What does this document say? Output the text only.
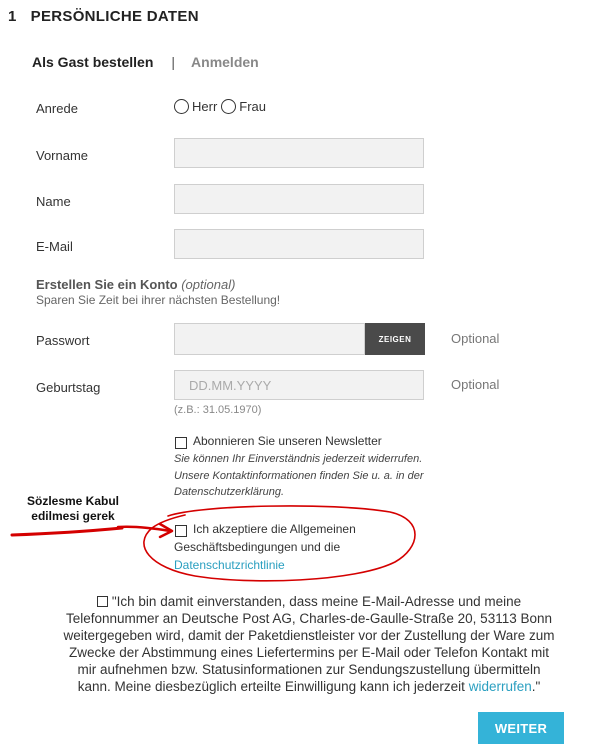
1 PERSÖNLICHE DATEN
Als Gast bestellen | Anmelden
Anrede	Herr Frau
Vorname
Name
E-Mail
Erstellen Sie ein Konto (optional)
Sparen Sie Zeit bei ihrer nächsten Bestellung!
Passwort	ZEIGEN	Optional
Geburtstag	DD.MM.YYYY	Optional
(z.B.: 31.05.1970)
Abonnieren Sie unseren Newsletter
Sie können Ihr Einverständnis jederzeit widerrufen. Unsere Kontaktinformationen finden Sie u. a. in der Datenschutzerklärung.
Ich akzeptiere die Allgemeinen
Geschäftsbedingungen und die
Datenschutzrichtlinie
Sözlesme Kabul
edilmesi gerek
"Ich bin damit einverstanden, dass meine E-Mail-Adresse und meine Telefonnummer an Deutsche Post AG, Charles-de-Gaulle-Straße 20, 53113 Bonn weitergegeben wird, damit der Paketdienstleister vor der Zustellung der Ware zum Zwecke der Abstimmung eines Liefertermins per E-Mail oder Telefon Kontakt mit mir aufnehmen bzw. Statusinformationen zur Sendungszustellung übermitteln kann. Meine diesbezüglich erteilte Einwilligung kann ich jederzeit widerrufen."
WEITER
